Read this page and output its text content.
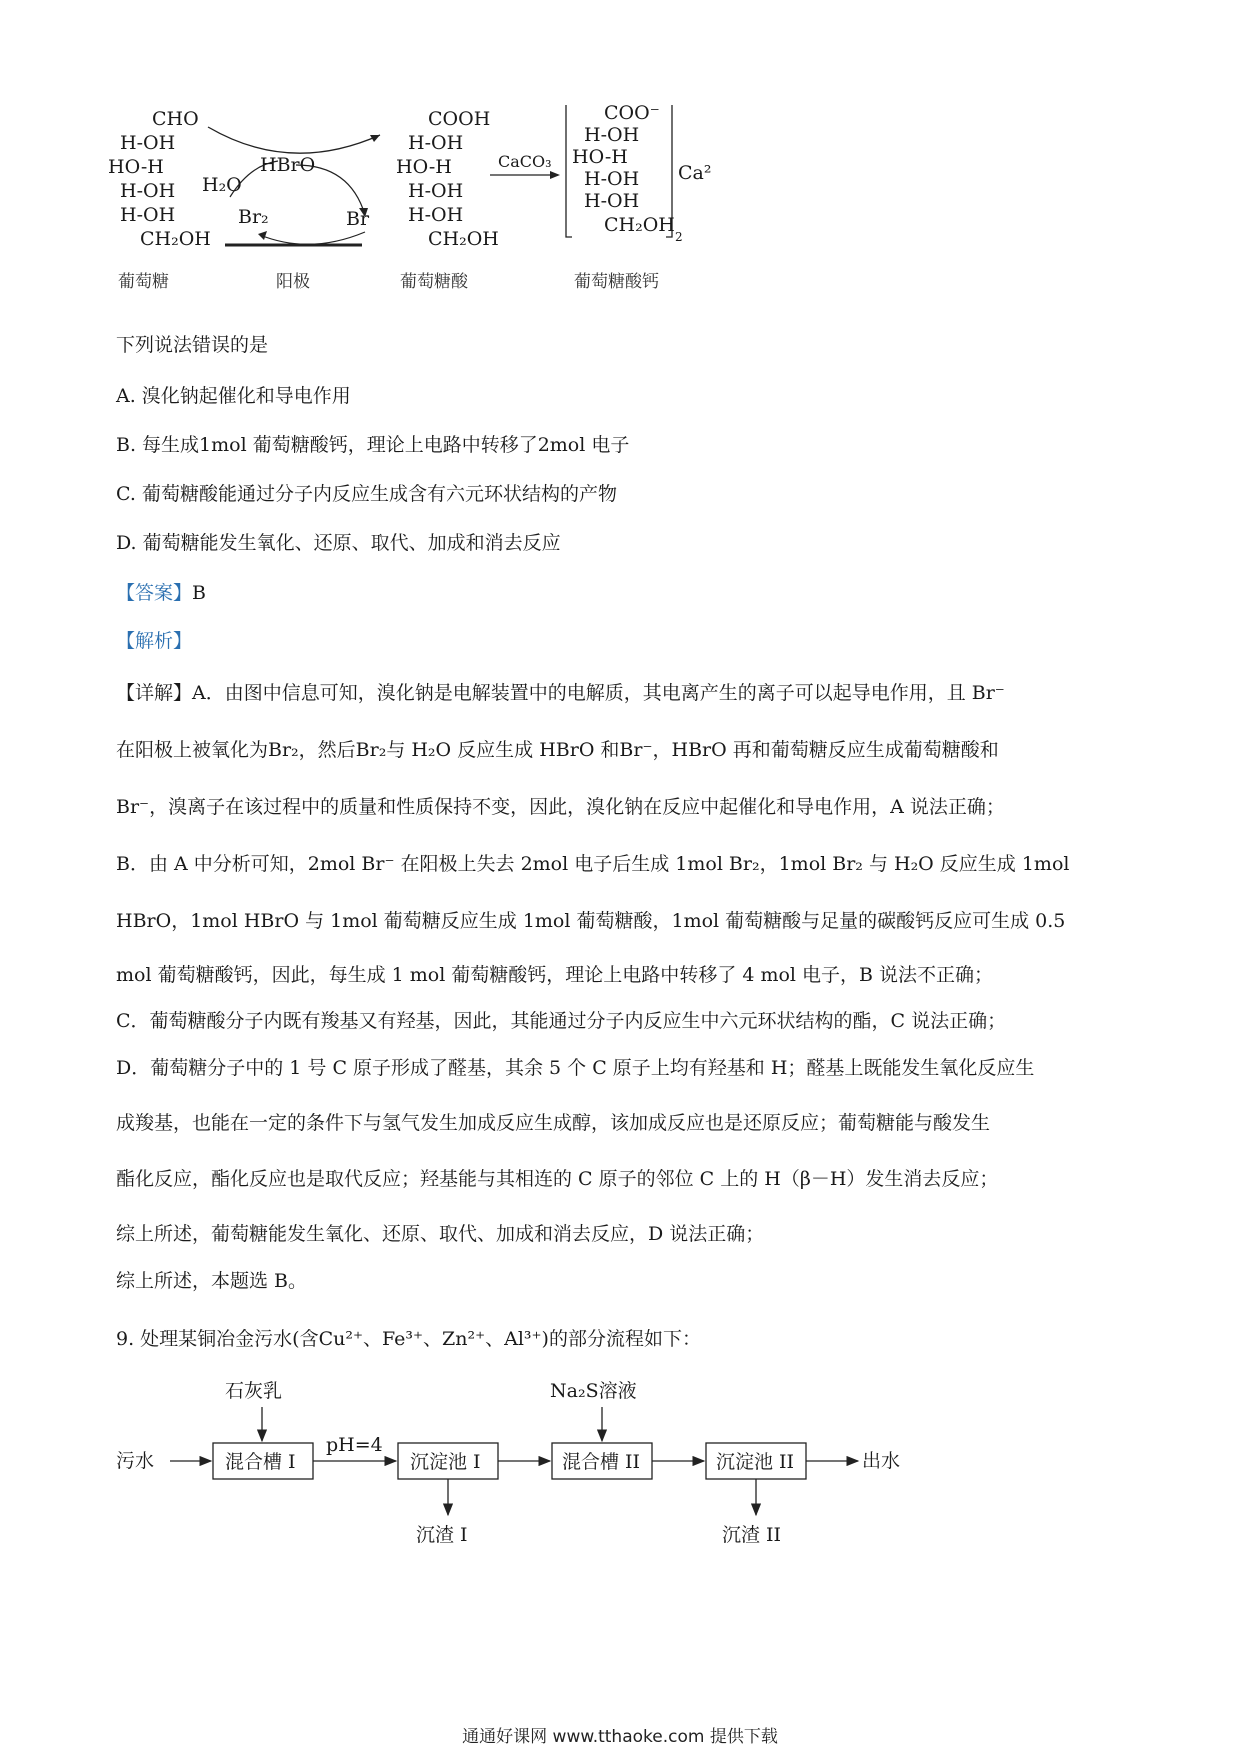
CHO
H-OH
HO-H
H-OH
H-OH
CH₂OH
葡萄糖
H₂O
HBrO
Br₂	Br
阳极
COOH
H-OH
HO-H
H-OH
H-OH
CH₂OH
葡萄糖酸
CaCO₃
COO⁻
H-OH
HO-H
H-OH
H-OH
CH₂OH
2
Ca²
葡萄糖酸钙
下列说法错误的是
A. 溴化钠起催化和导电作用
B. 每生成1mol 葡萄糖酸钙，理论上电路中转移了2mol 电子
C. 葡萄糖酸能通过分子内反应生成含有六元环状结构的产物
D. 葡萄糖能发生氧化、还原、取代、加成和消去反应
【答案】B
【解析】
【详解】A．由图中信息可知，溴化钠是电解装置中的电解质，其电离产生的离子可以起导电作用，且 Br⁻
在阳极上被氧化为Br₂，然后Br₂与 H₂O 反应生成 HBrO 和Br⁻，HBrO 再和葡萄糖反应生成葡萄糖酸和
Br⁻，溴离子在该过程中的质量和性质保持不变，因此，溴化钠在反应中起催化和导电作用，A 说法正确；
B．由 A 中分析可知，2mol Br⁻ 在阳极上失去 2mol 电子后生成 1mol Br₂，1mol Br₂ 与 H₂O 反应生成 1mol
HBrO，1mol HBrO 与 1mol 葡萄糖反应生成 1mol 葡萄糖酸，1mol 葡萄糖酸与足量的碳酸钙反应可生成 0.5
mol 葡萄糖酸钙，因此，每生成 1 mol 葡萄糖酸钙，理论上电路中转移了 4 mol 电子，B 说法不正确；
C．葡萄糖酸分子内既有羧基又有羟基，因此，其能通过分子内反应生中六元环状结构的酯，C 说法正确；
D．葡萄糖分子中的 1 号 C 原子形成了醛基，其余 5 个 C 原子上均有羟基和 H；醛基上既能发生氧化反应生
成羧基，也能在一定的条件下与氢气发生加成反应生成醇，该加成反应也是还原反应；葡萄糖能与酸发生
酯化反应，酯化反应也是取代反应；羟基能与其相连的 C 原子的邻位 C 上的 H（β－H）发生消去反应；
综上所述，葡萄糖能发生氧化、还原、取代、加成和消去反应，D 说法正确；
综上所述，本题选 B。
9. 处理某铜冶金污水(含Cu²⁺、Fe³⁺、Zn²⁺、Al³⁺)的部分流程如下：
污水	混合槽 I
石灰乳
pH=4
沉淀池 I
沉渣 I
混合槽 II
Na₂S溶液
沉淀池 II
沉渣 II
出水
通通好课网 www.tthaoke.com 提供下载
